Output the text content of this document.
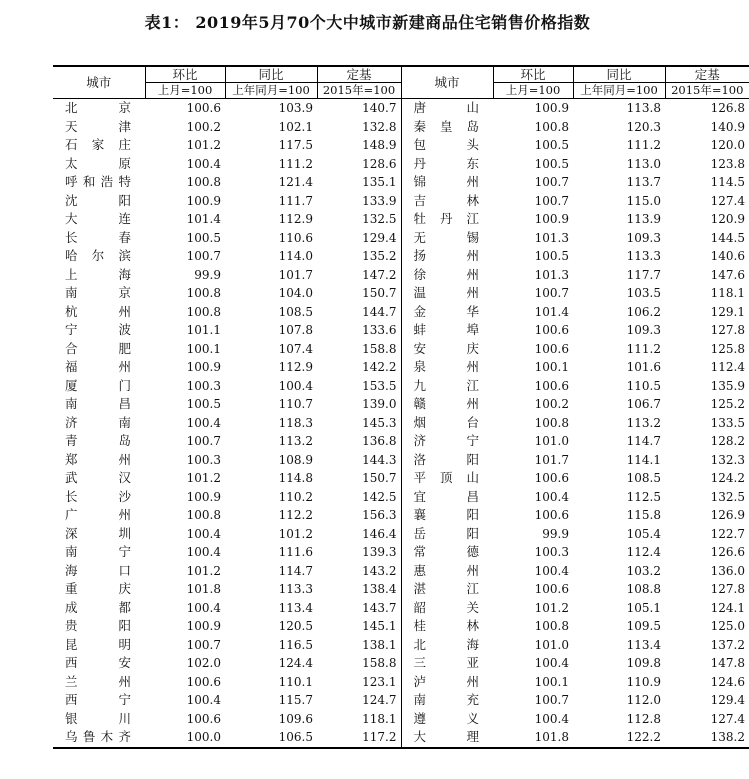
表1： 2019年5月70个大中城市新建商品住宅销售价格指数
城市	环比	同比	定基	城市	环比	同比	定基
	上月=100	上年同月=100	2015年=100		上月=100	上年同月=100	2015年=100
北京	100.6	103.9	140.7	唐山	100.9	113.8	126.8
天津	100.2	102.1	132.8	秦皇岛	100.8	120.3	140.9
石家庄	101.2	117.5	148.9	包头	100.5	111.2	120.0
太原	100.4	111.2	128.6	丹东	100.5	113.0	123.8
呼和浩特	100.8	121.4	135.1	锦州	100.7	113.7	114.5
沈阳	100.9	111.7	133.9	吉林	100.7	115.0	127.4
大连	101.4	112.9	132.5	牡丹江	100.9	113.9	120.9
长春	100.5	110.6	129.4	无锡	101.3	109.3	144.5
哈尔滨	100.7	114.0	135.2	扬州	100.5	113.3	140.6
上海	99.9	101.7	147.2	徐州	101.3	117.7	147.6
南京	100.8	104.0	150.7	温州	100.7	103.5	118.1
杭州	100.8	108.5	144.7	金华	101.4	106.2	129.1
宁波	101.1	107.8	133.6	蚌埠	100.6	109.3	127.8
合肥	100.1	107.4	158.8	安庆	100.6	111.2	125.8
福州	100.9	112.9	142.2	泉州	100.1	101.6	112.4
厦门	100.3	100.4	153.5	九江	100.6	110.5	135.9
南昌	100.5	110.7	139.0	赣州	100.2	106.7	125.2
济南	100.4	118.3	145.3	烟台	100.8	113.2	133.5
青岛	100.7	113.2	136.8	济宁	101.0	114.7	128.2
郑州	100.3	108.9	144.3	洛阳	101.7	114.1	132.3
武汉	101.2	114.8	150.7	平顶山	100.6	108.5	124.2
长沙	100.9	110.2	142.5	宜昌	100.4	112.5	132.5
广州	100.8	112.2	156.3	襄阳	100.6	115.8	126.9
深圳	100.4	101.2	146.4	岳阳	99.9	105.4	122.7
南宁	100.4	111.6	139.3	常德	100.3	112.4	126.6
海口	101.2	114.7	143.2	惠州	100.4	103.2	136.0
重庆	101.8	113.3	138.4	湛江	100.6	108.8	127.8
成都	100.4	113.4	143.7	韶关	101.2	105.1	124.1
贵阳	100.9	120.5	145.1	桂林	100.8	109.5	125.0
昆明	100.7	116.5	138.1	北海	101.0	113.4	137.2
西安	102.0	124.4	158.8	三亚	100.4	109.8	147.8
兰州	100.6	110.1	123.1	泸州	100.1	110.9	124.6
西宁	100.4	115.7	124.7	南充	100.7	112.0	129.4
银川	100.6	109.6	118.1	遵义	100.4	112.8	127.4
乌鲁木齐	100.0	106.5	117.2	大理	101.8	122.2	138.2
